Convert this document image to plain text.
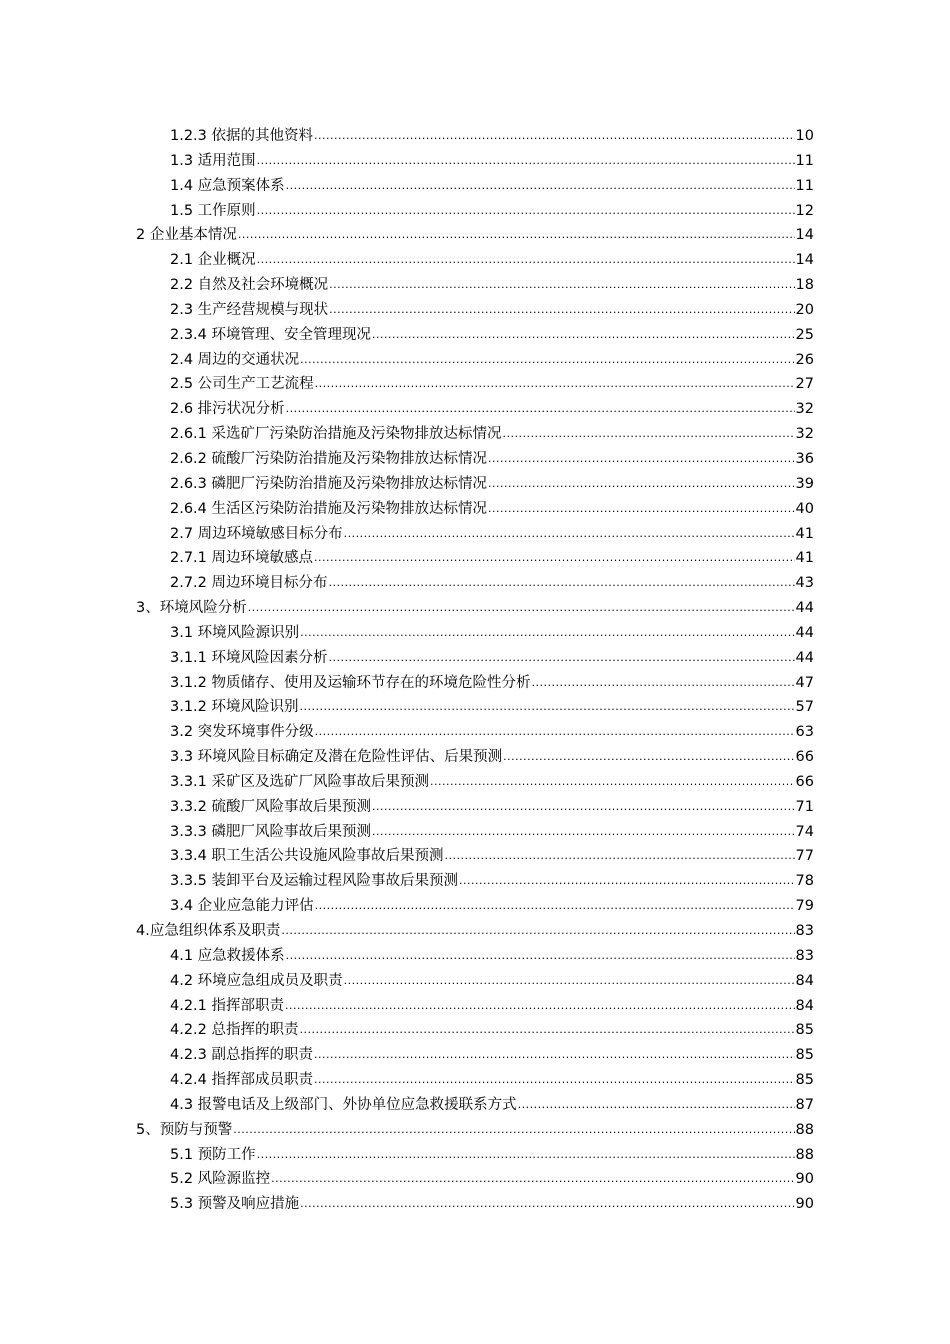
1.2.3 依据的其他资料 .....	10
1.3 适用范围 .....	11
1.4 应急预案体系 .....	11
1.5 工作原则 .....	12
2 企业基本情况 .....	14
2.1 企业概况 .....	14
2.2 自然及社会环境概况 .....	18
2.3 生产经营规模与现状 .....	20
2.3.4 环境管理、安全管理现况 .....	25
2.4 周边的交通状况 .....	26
2.5 公司生产工艺流程 .....	27
2.6 排污状况分析 .....	32
2.6.1 采选矿厂污染防治措施及污染物排放达标情况 .....	32
2.6.2 硫酸厂污染防治措施及污染物排放达标情况 .....	36
2.6.3 磷肥厂污染防治措施及污染物排放达标情况 .....	39
2.6.4 生活区污染防治措施及污染物排放达标情况 .....	40
2.7 周边环境敏感目标分布 .....	41
2.7.1 周边环境敏感点 .....	41
2.7.2 周边环境目标分布 .....	43
3、环境风险分析 .....	44
3.1 环境风险源识别 .....	44
3.1.1 环境风险因素分析 .....	44
3.1.2 物质储存、使用及运输环节存在的环境危险性分析 .....	47
3.1.2 环境风险识别 .....	57
3.2 突发环境事件分级 .....	63
3.3 环境风险目标确定及潜在危险性评估、后果预测 .....	66
3.3.1 采矿区及选矿厂风险事故后果预测 .....	66
3.3.2 硫酸厂风险事故后果预测 .....	71
3.3.3 磷肥厂风险事故后果预测 .....	74
3.3.4 职工生活公共设施风险事故后果预测 .....	77
3.3.5 装卸平台及运输过程风险事故后果预测 .....	78
3.4 企业应急能力评估 .....	79
4.应急组织体系及职责 .....	83
4.1 应急救援体系 .....	83
4.2 环境应急组成员及职责 .....	84
4.2.1 指挥部职责 .....	84
4.2.2 总指挥的职责 .....	85
4.2.3 副总指挥的职责 .....	85
4.2.4 指挥部成员职责 .....	85
4.3 报警电话及上级部门、外协单位应急救援联系方式 .....	87
5、预防与预警 .....	88
5.1 预防工作 .....	88
5.2 风险源监控 .....	90
5.3 预警及响应措施 .....	90
